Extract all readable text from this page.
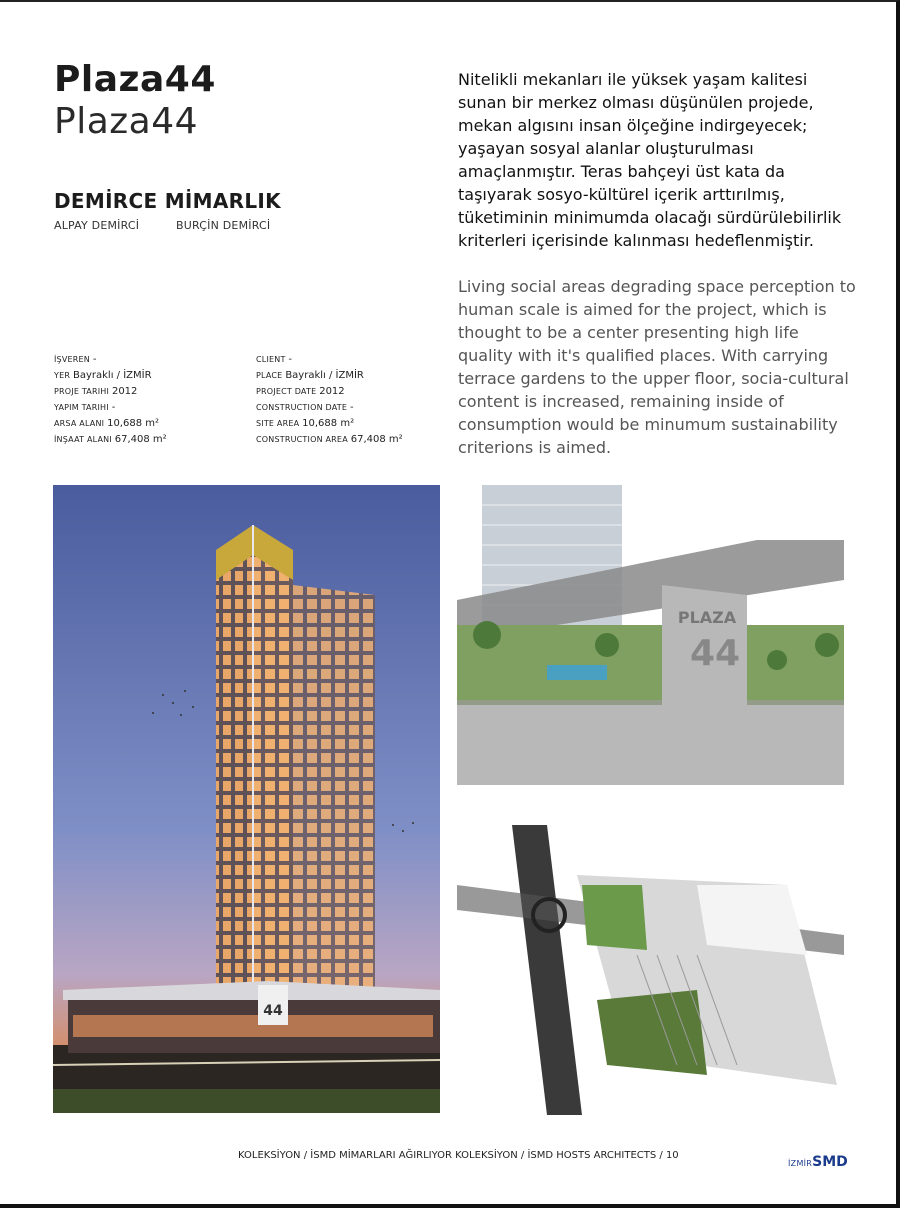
Plaza44
Plaza44
DEMİRCE MİMARLIK
ALPAY DEMİRCİ	BURÇİN DEMİRCİ
İŞVEREN -
YER Bayraklı / İZMİR
PROJE TARIHI 2012
YAPIM TARIHI -
ARSA ALANI 10,688 m²
İNŞAAT ALANI 67,408 m²
CLIENT -
PLACE Bayraklı / İZMİR
PROJECT DATE 2012
CONSTRUCTION DATE -
SITE AREA 10,688 m²
CONSTRUCTION AREA 67,408 m²

Nitelikli mekanları ile yüksek yaşam kalitesi sunan bir merkez olması düşünülen projede, mekan algısını insan ölçeğine indirgeyecek; yaşayan sosyal alanlar oluşturulması amaçlanmıştır. Teras bahçeyi üst kata da taşıyarak sosyo-kültürel içerik arttırılmış, tüketiminin minimumda olacağı sürdürülebilirlik kriterleri içerisinde kalınması hedeflenmiştir.

Living social areas degrading space perception to human scale is aimed for the project, which is thought to be a center presenting high life quality with it's qualified places. With carrying terrace gardens to the upper floor, socia-cultural content is increased, remaining inside of consumption would be minumum sustainability criterions is aimed.

44
PLAZA
44
KOLEKSİYON / İSMD MİMARLARI AĞIRLIYOR KOLEKSİYON / İSMD HOSTS ARCHITECTS / 10
İZMİRSMD
